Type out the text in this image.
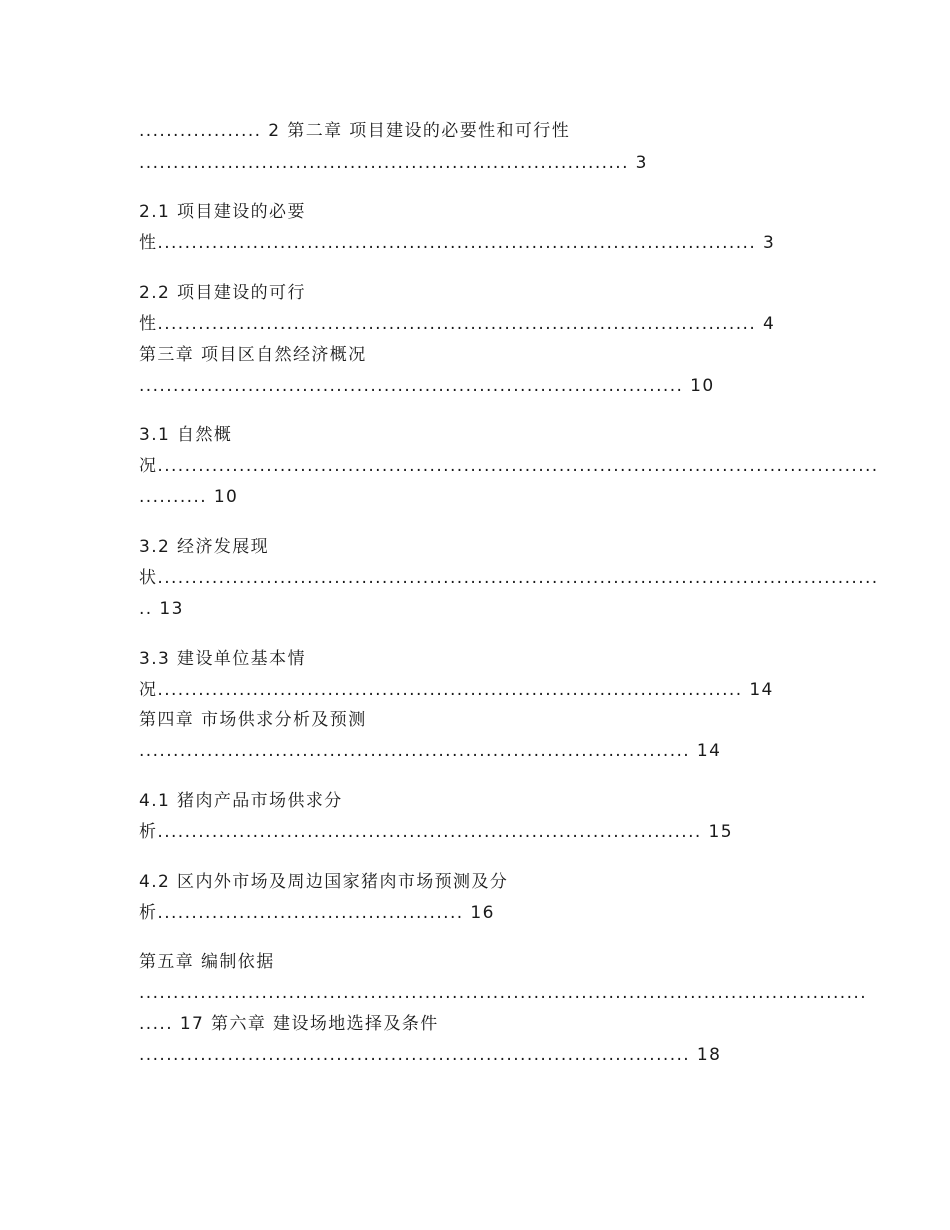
.................. 2 第二章 项目建设的必要性和可行性
........................................................................ 3
2.1 项目建设的必要
性........................................................................................ 3
2.2 项目建设的可行
性........................................................................................ 4
第三章 项目区自然经济概况
................................................................................ 10
3.1 自然概
况..........................................................................................................
.......... 10
3.2 经济发展现
状..........................................................................................................
.. 13
3.3 建设单位基本情
况...................................................................................... 14
第四章 市场供求分析及预测
................................................................................. 14
4.1 猪肉产品市场供求分
析................................................................................ 15
4.2 区内外市场及周边国家猪肉市场预测及分
析............................................. 16
第五章 编制依据
...........................................................................................................
..... 17 第六章 建设场地选择及条件
................................................................................. 18
